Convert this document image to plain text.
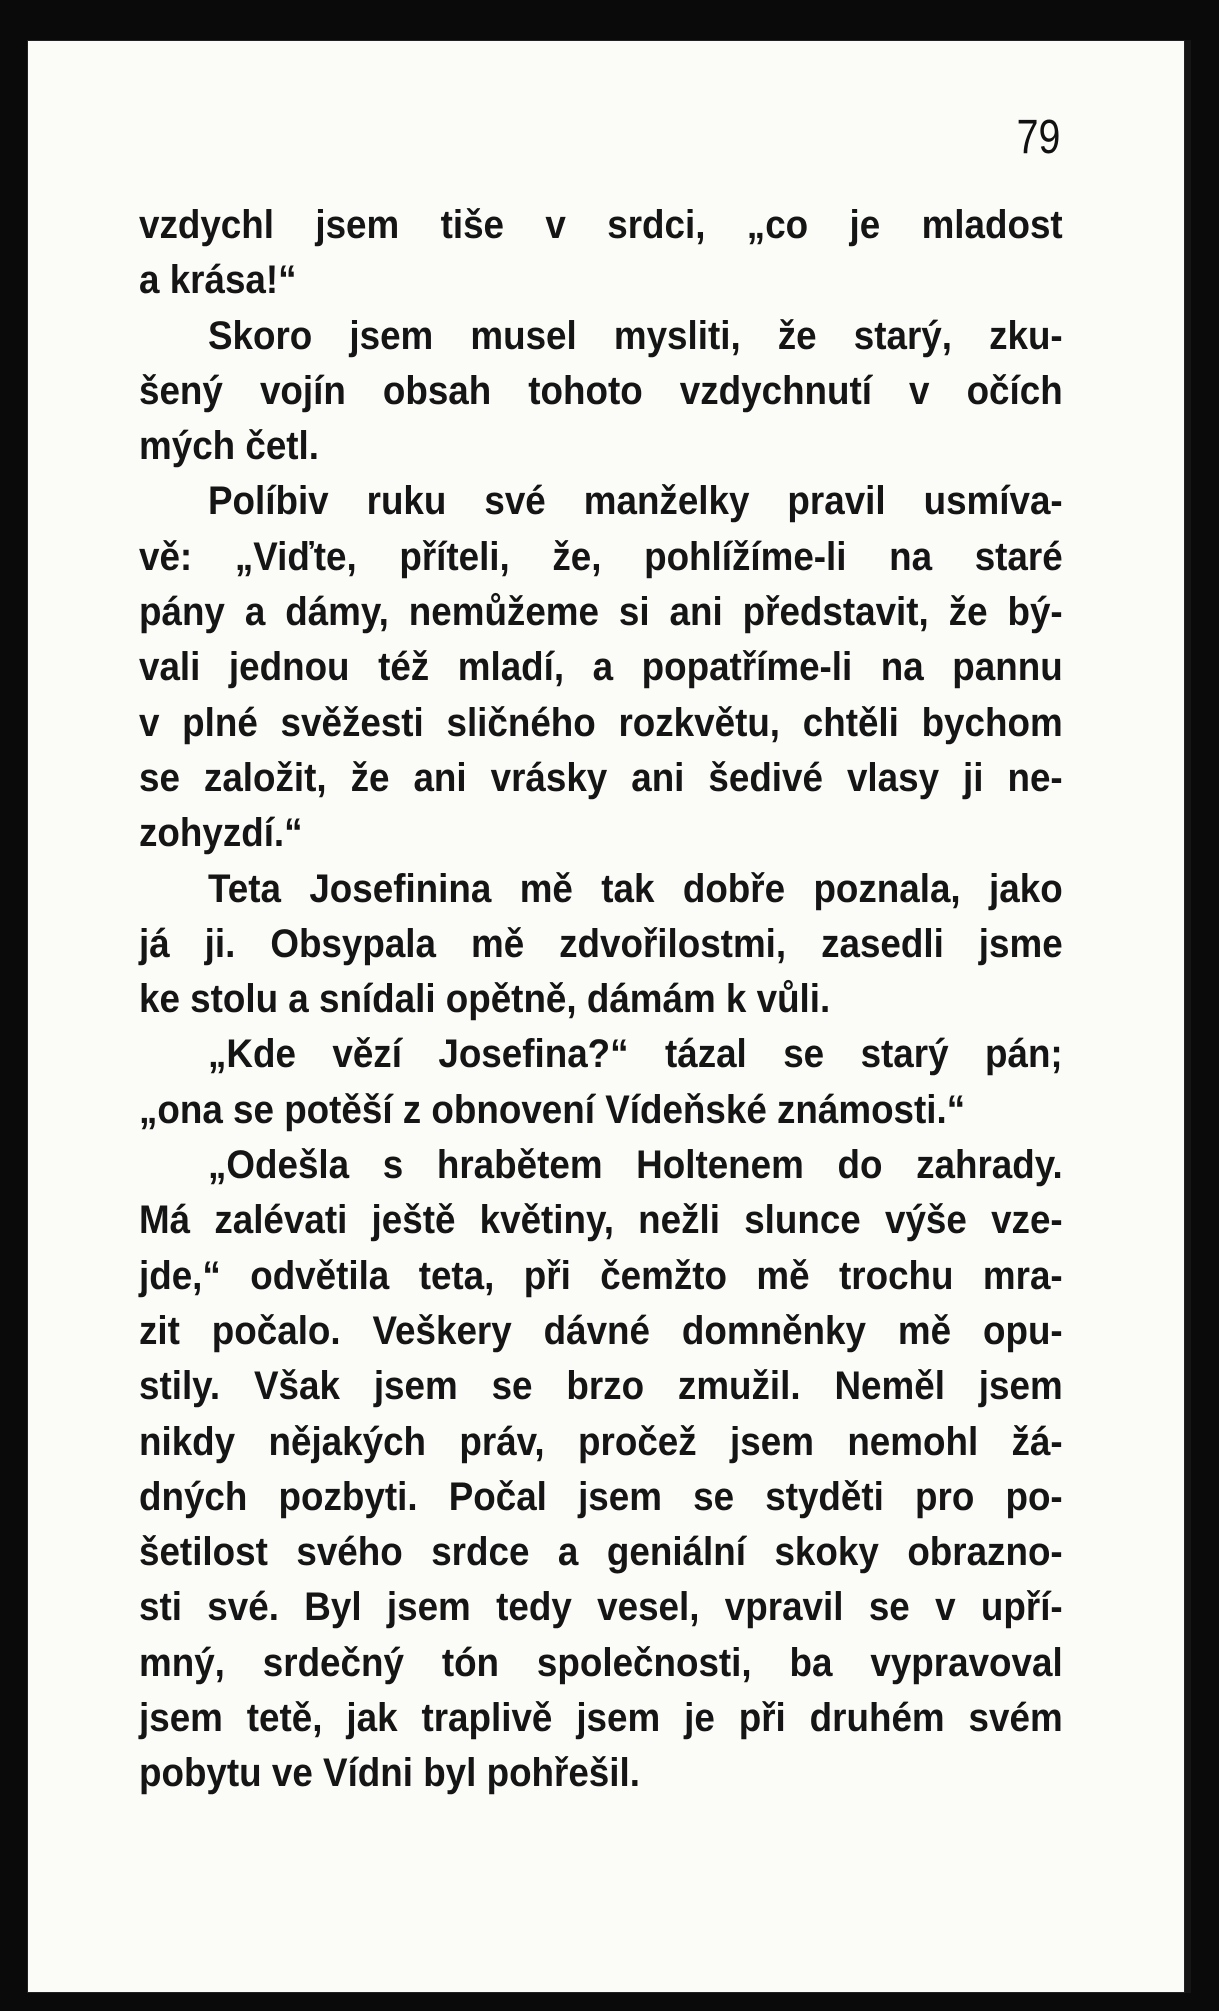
79
vzdychl jsem tiše v srdci, „co je mladost
a krása!“
Skoro jsem musel mysliti, že starý, zku-
šený vojín obsah tohoto vzdychnutí v očích
mých četl.
Políbiv ruku své manželky pravil usmíva-
vě: „Viďte, příteli, že, pohlížíme-li na staré
pány a dámy, nemůžeme si ani představit, že bý-
vali jednou též mladí, a popatříme-li na pannu
v plné svěžesti sličného rozkvětu, chtěli bychom
se založit, že ani vrásky ani šedivé vlasy ji ne-
zohyzdí.“
Teta Josefinina mě tak dobře poznala, jako
já ji. Obsypala mě zdvořilostmi, zasedli jsme
ke stolu a snídali opětně, dámám k vůli.
„Kde vězí Josefina?“ tázal se starý pán;
„ona se potěší z obnovení Vídeňské známosti.“
„Odešla s hrabětem Holtenem do zahrady.
Má zalévati ještě květiny, nežli slunce výše vze-
jde,“ odvětila teta, při čemžto mě trochu mra-
zit počalo. Veškery dávné domněnky mě opu-
stily. Však jsem se brzo zmužil. Neměl jsem
nikdy nějakých práv, pročež jsem nemohl žá-
dných pozbyti. Počal jsem se styděti pro po-
šetilost svého srdce a geniální skoky obrazno-
sti své. Byl jsem tedy vesel, vpravil se v upří-
mný, srdečný tón společnosti, ba vypravoval
jsem tetě, jak traplivě jsem je při druhém svém
pobytu ve Vídni byl pohřešil.
